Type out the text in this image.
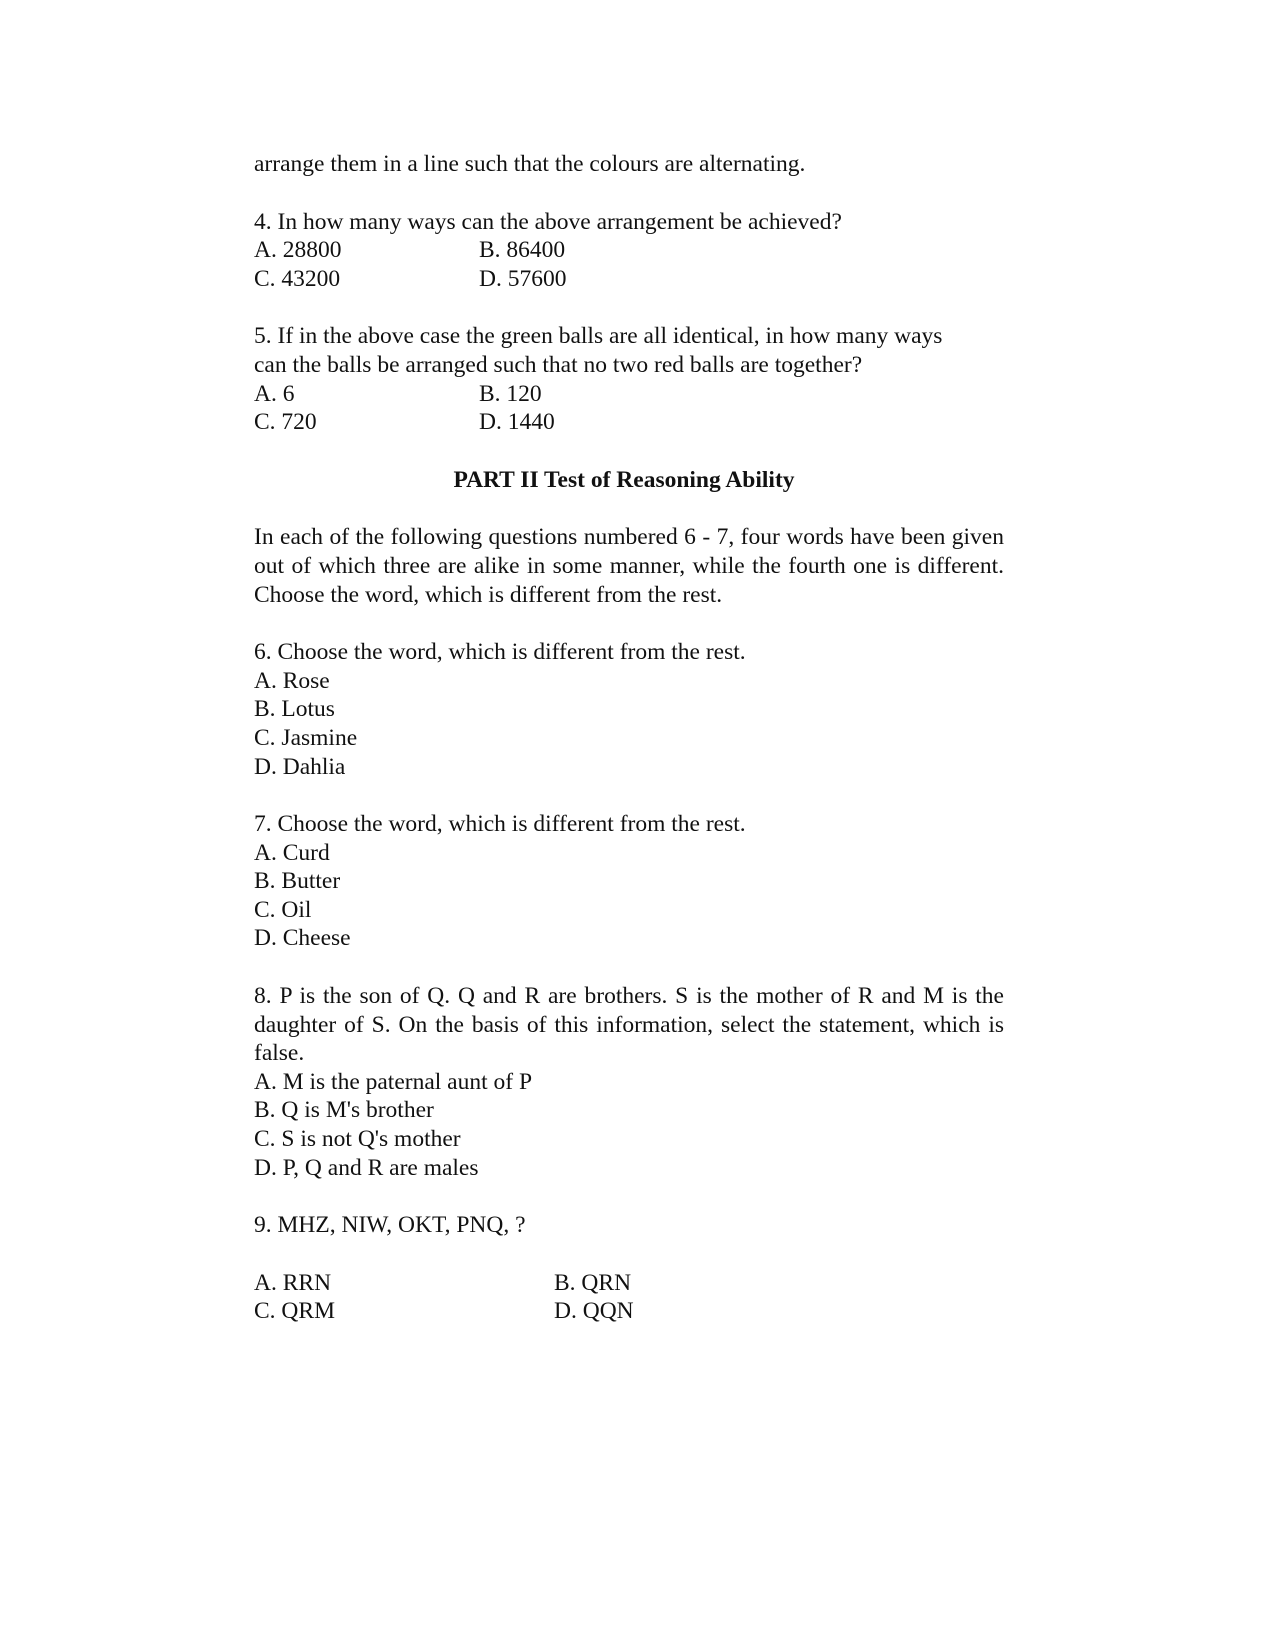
arrange them in a line such that the colours are alternating.
4. In how many ways can the above arrangement be achieved?
A. 28800	B. 86400
C. 43200	D. 57600
5. If in the above case the green balls are all identical, in how many ways
can the balls be arranged such that no two red balls are together?
A. 6	B. 120
C. 720	D. 1440
PART II Test of Reasoning Ability
In each of the following questions numbered 6 - 7, four words have been given out of which three are alike in some manner, while the fourth one is different. Choose the word, which is different from the rest.
6. Choose the word, which is different from the rest.
A. Rose
B. Lotus
C. Jasmine
D. Dahlia
7. Choose the word, which is different from the rest.
A. Curd
B. Butter
C. Oil
D. Cheese
8. P is the son of Q. Q and R are brothers. S is the mother of R and M is the daughter of S. On the basis of this information, select the statement, which is false.
A. M is the paternal aunt of P
B. Q is M's brother
C. S is not Q's mother
D. P, Q and R are males
9. MHZ, NIW, OKT, PNQ, ?
A. RRN	B. QRN
C. QRM	D. QQN
